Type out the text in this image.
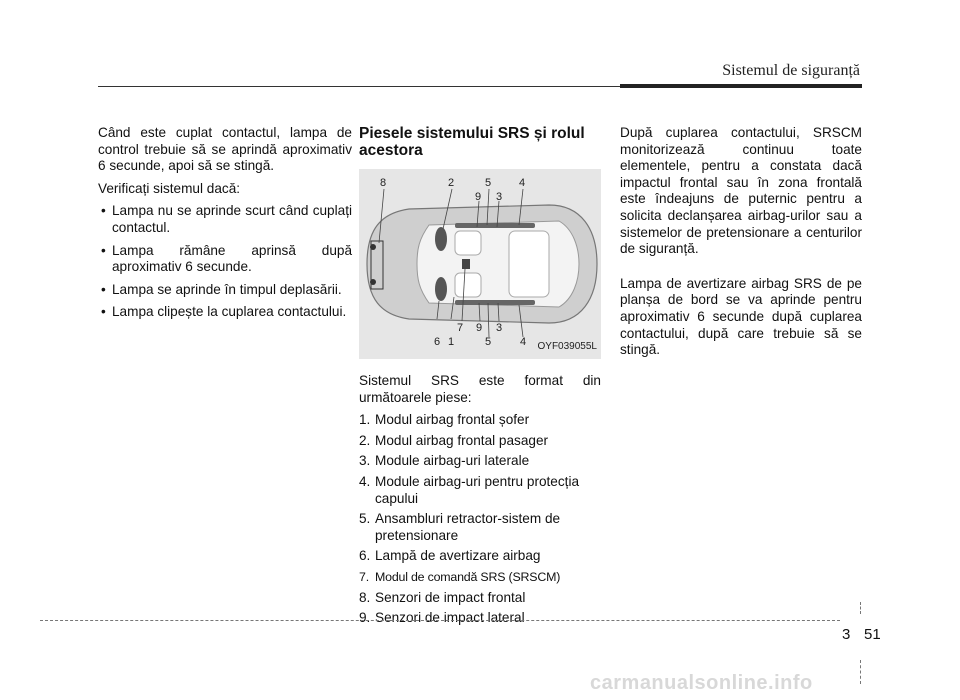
Sistemul de siguranță

Când este cuplat contactul, lampa de control trebuie să se aprindă aproximativ 6 secunde, apoi să se stingă.

Verificați sistemul dacă:

• Lampa nu se aprinde scurt când cuplați contactul.
• Lampa rămâne aprinsă după aproximativ 6 secunde.
• Lampa se aprinde în timpul deplasării.
• Lampa clipește la cuplarea contactului.
Piesele sistemului SRS și rolul acestora
8	2
9
5
3
4
7 9 3
6 1	5	4 OYF039055L

Sistemul SRS este format din următoarele piese:

1. Modul airbag frontal șofer
2. Modul airbag frontal pasager
3. Module airbag-uri laterale
4. Module airbag-uri pentru protecția capului
5. Ansambluri retractor-sistem de pretensionare
6. Lampă de avertizare airbag
7. Modul de comandă SRS (SRSCM)
8. Senzori de impact frontal
9. Senzori de impact lateral

După cuplarea contactului, SRSCM monitorizează continuu toate elementele, pentru a constata dacă impactul frontal sau în zona frontală este îndeajuns de puternic pentru a solicita declanșarea airbag-urilor sau a sistemelor de pretensionare a centurilor de siguranță.

Lampa de avertizare airbag SRS de pe planșa de bord se va aprinde pentru aproximativ 6 secunde după cuplarea contactului, după care trebuie să se stingă.

3 51
carmanualsonline.info
